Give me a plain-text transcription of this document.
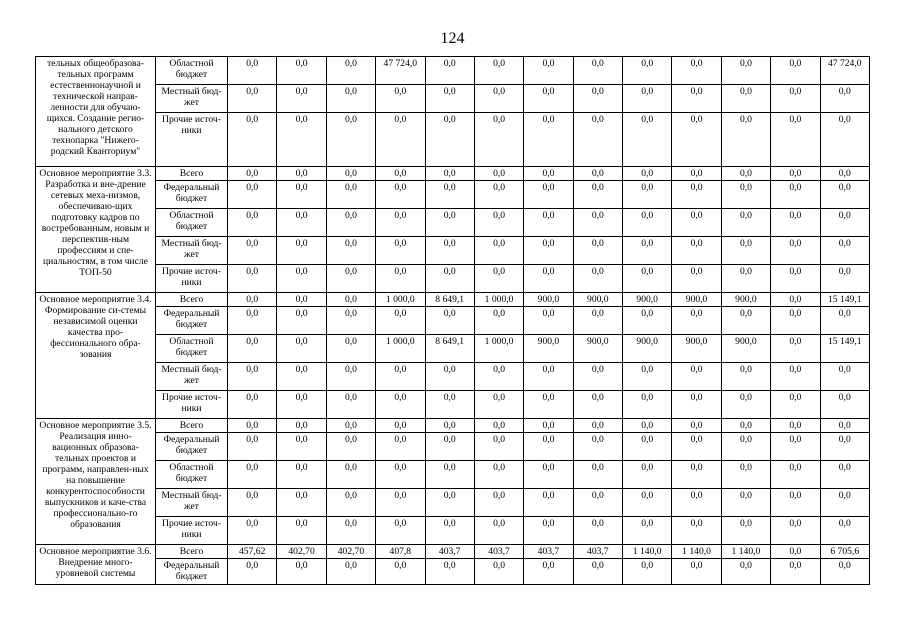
124
тельных общеобразова-тельных программ естественнонаучной и технической направ-ленности для обучаю-щихся. Создание регио-нального детского технопарка "Нижего-родский Кванториум"	Областной бюджет	0,0	0,0	0,0	47 724,0	0,0	0,0	0,0	0,0	0,0	0,0	0,0	0,0	47 724,0
	Местный бюд-жет	0,0	0,0	0,0	0,0	0,0	0,0	0,0	0,0	0,0	0,0	0,0	0,0	0,0
	Прочие источ-ники	0,0	0,0	0,0	0,0	0,0	0,0	0,0	0,0	0,0	0,0	0,0	0,0	0,0
Основное мероприятие 3.3. Разработка и вне-дрение сетевых меха-низмов, обеспечиваю-щих подготовку кадров по востребованным, новым и перспектив-ным профессиям и спе-циальностям, в том числе ТОП-50	Всего	0,0	0,0	0,0	0,0	0,0	0,0	0,0	0,0	0,0	0,0	0,0	0,0	0,0
	Федеральный бюджет	0,0	0,0	0,0	0,0	0,0	0,0	0,0	0,0	0,0	0,0	0,0	0,0	0,0
	Областной бюджет	0,0	0,0	0,0	0,0	0,0	0,0	0,0	0,0	0,0	0,0	0,0	0,0	0,0
	Местный бюд-жет	0,0	0,0	0,0	0,0	0,0	0,0	0,0	0,0	0,0	0,0	0,0	0,0	0,0
	Прочие источ-ники	0,0	0,0	0,0	0,0	0,0	0,0	0,0	0,0	0,0	0,0	0,0	0,0	0,0
Основное мероприятие 3.4. Формирование си-стемы независимой оценки качества про-фессионального обра-зования	Всего	0,0	0,0	0,0	1 000,0	8 649,1	1 000,0	900,0	900,0	900,0	900,0	900,0	0,0	15 149,1
	Федеральный бюджет	0,0	0,0	0,0	0,0	0,0	0,0	0,0	0,0	0,0	0,0	0,0	0,0	0,0
	Областной бюджет	0,0	0,0	0,0	1 000,0	8 649,1	1 000,0	900,0	900,0	900,0	900,0	900,0	0,0	15 149,1
	Местный бюд-жет	0,0	0,0	0,0	0,0	0,0	0,0	0,0	0,0	0,0	0,0	0,0	0,0	0,0
	Прочие источ-ники	0,0	0,0	0,0	0,0	0,0	0,0	0,0	0,0	0,0	0,0	0,0	0,0	0,0
Основное мероприятие 3.5. Реализация инно-вационных образова-тельных проектов и программ, направлен-ных на повышение конкурентоспособности выпускников и каче-ства профессионально-го образования	Всего	0,0	0,0	0,0	0,0	0,0	0,0	0,0	0,0	0,0	0,0	0,0	0,0	0,0
	Федеральный бюджет	0,0	0,0	0,0	0,0	0,0	0,0	0,0	0,0	0,0	0,0	0,0	0,0	0,0
	Областной бюджет	0,0	0,0	0,0	0,0	0,0	0,0	0,0	0,0	0,0	0,0	0,0	0,0	0,0
	Местный бюд-жет	0,0	0,0	0,0	0,0	0,0	0,0	0,0	0,0	0,0	0,0	0,0	0,0	0,0
	Прочие источ-ники	0,0	0,0	0,0	0,0	0,0	0,0	0,0	0,0	0,0	0,0	0,0	0,0	0,0
Основное мероприятие 3.6. Внедрение много-уровневой системы	Всего	457,62	402,70	402,70	407,8	403,7	403,7	403,7	403,7	1 140,0	1 140,0	1 140,0	0,0	6 705,6
	Федеральный бюджет	0,0	0,0	0,0	0,0	0,0	0,0	0,0	0,0	0,0	0,0	0,0	0,0	0,0
